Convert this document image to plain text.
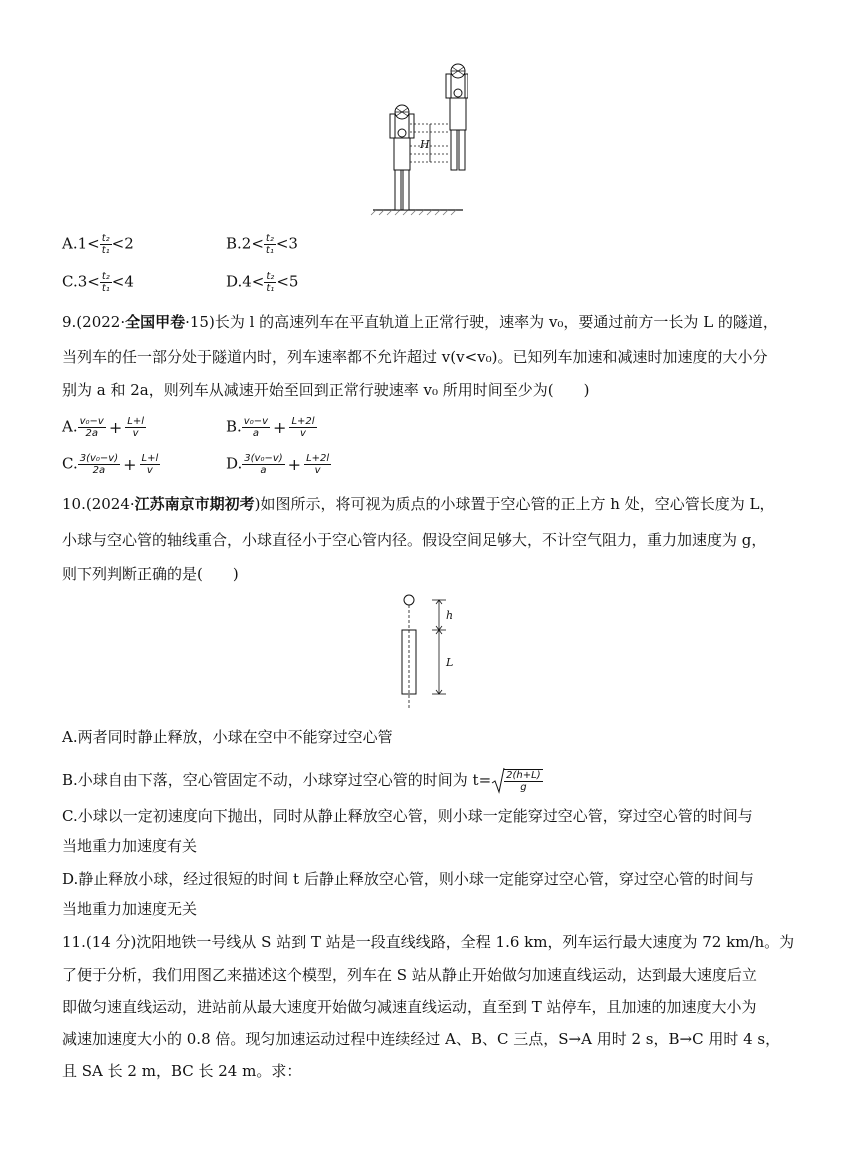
H
$A.1< \frac{\text{t₂}}{\text{t₁}} <2$	$B.2< \frac{\text{t₂}}{\text{t₁}} <3$
$C.3< \frac{\text{t₂}}{\text{t₁}} <4$	$D.4< \frac{\text{t₂}}{\text{t₁}} <5$
9.(2022·全国甲卷·15)长为 l 的高速列车在平直轨道上正常行驶，速率为 v₀，要通过前方一长为 L 的隧道，
当列车的任一部分处于隧道内时，列车速率都不允许超过 v(v<v₀)。已知列车加速和减速时加速度的大小分
别为 a 和 2a，则列车从减速开始至回到正常行驶速率 v₀ 所用时间至少为(　　)
A. $\frac{\text{v₀−v}}{2a} + \frac{L+l}{v}$	B. $\frac{\text{v₀−v}}{a} + \frac{L+2l}{v}$
C. $\frac{\text{3(v₀−v)}}{2a} + \frac{L+l}{v}$	D. $\frac{\text{3(v₀−v)}}{a} + \frac{L+2l}{v}$
10.(2024·江苏南京市期初考)如图所示，将可视为质点的小球置于空心管的正上方 h 处，空心管长度为 L，
小球与空心管的轴线重合，小球直径小于空心管内径。假设空间足够大，不计空气阻力，重力加速度为 g，
则下列判断正确的是(　　)
h
L
A.两者同时静止释放，小球在空中不能穿过空心管
B.小球自由下落，空心管固定不动，小球穿过空心管的时间为 $t= \frac{2(h+L)}{g}$
C.小球以一定初速度向下抛出，同时从静止释放空心管，则小球一定能穿过空心管，穿过空心管的时间与
当地重力加速度有关
D.静止释放小球，经过很短的时间 t 后静止释放空心管，则小球一定能穿过空心管，穿过空心管的时间与
当地重力加速度无关
11.(14 分)沈阳地铁一号线从 S 站到 T 站是一段直线线路，全程 1.6 km，列车运行最大速度为 72 km/h。为
了便于分析，我们用图乙来描述这个模型，列车在 S 站从静止开始做匀加速直线运动，达到最大速度后立
即做匀速直线运动，进站前从最大速度开始做匀减速直线运动，直至到 T 站停车，且加速的加速度大小为
减速加速度大小的 0.8 倍。现匀加速运动过程中连续经过 A、B、C 三点，S→A 用时 2 s，B→C 用时 4 s，
且 SA 长 2 m，BC 长 24 m。求：
